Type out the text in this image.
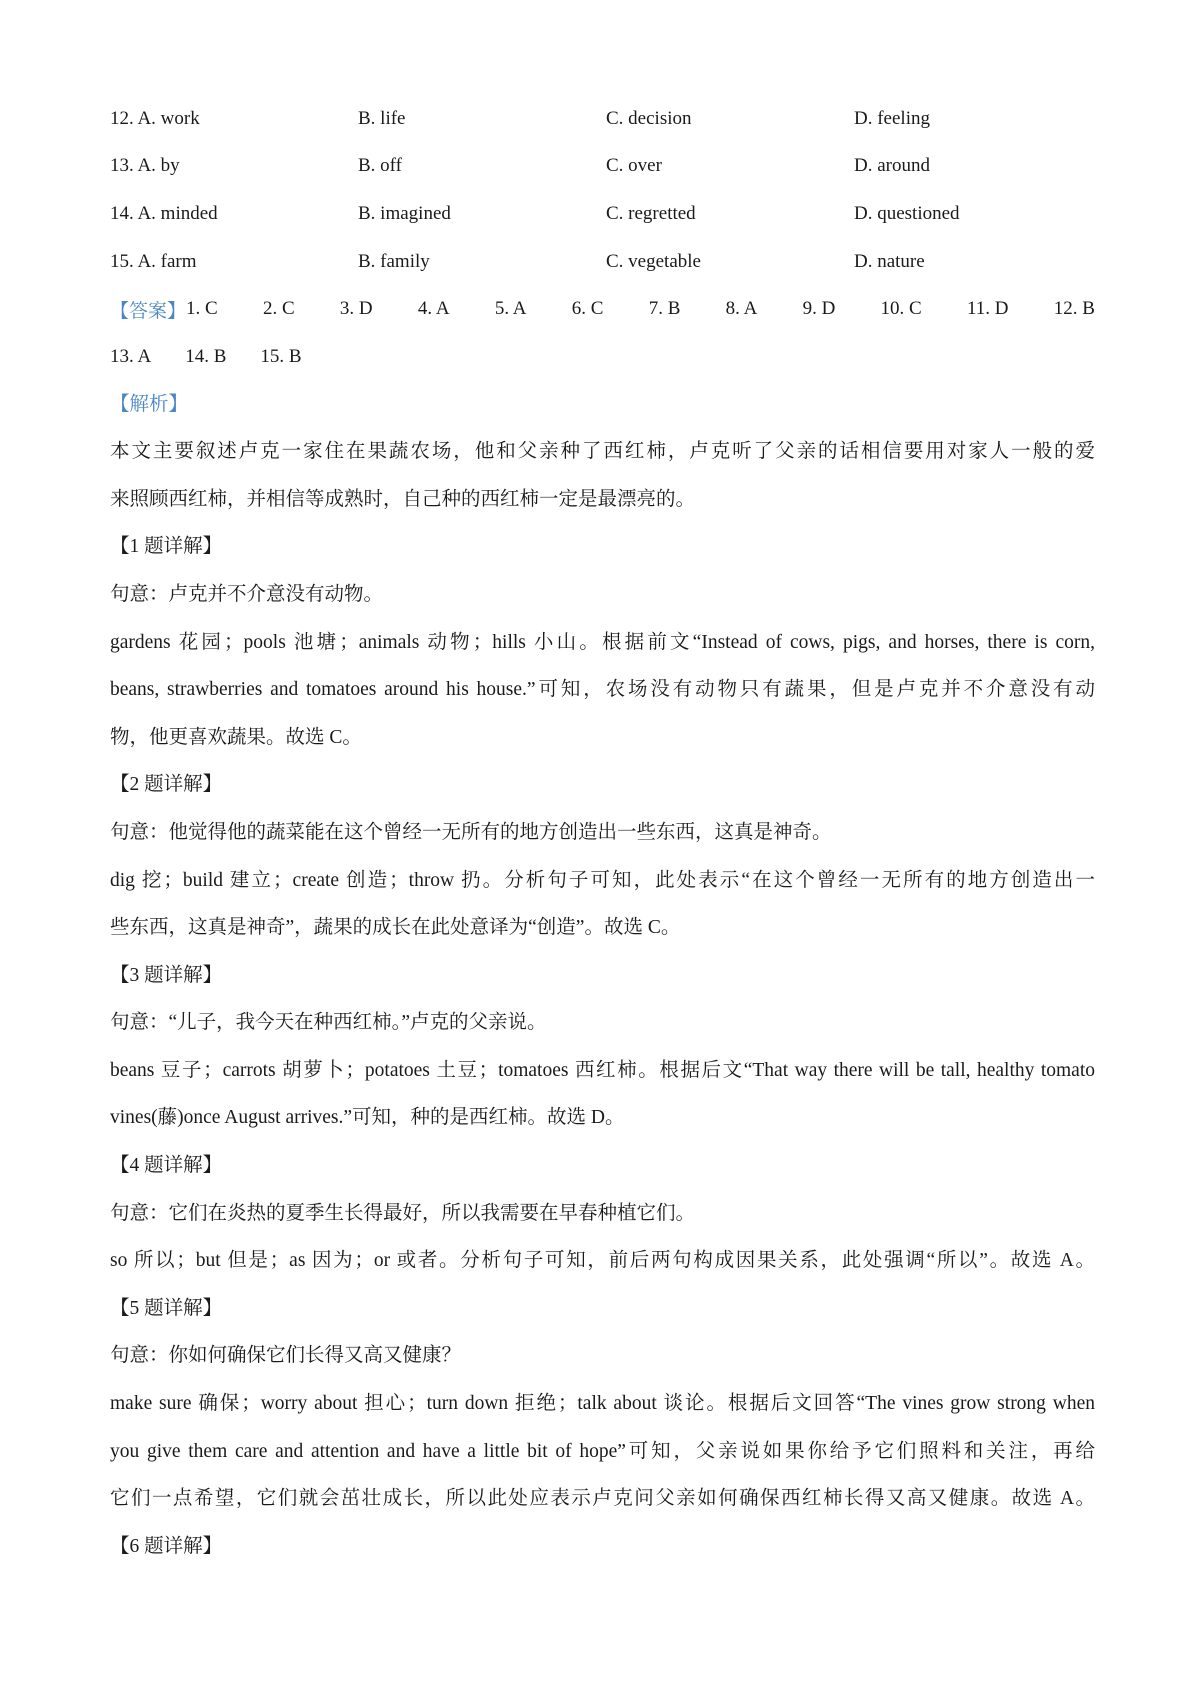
12. A. work	B. life	C. decision	D. feeling
13. A. by	B. off	C. over	D. around
14. A. minded	B. imagined	C. regretted	D. questioned
15. A. farm	B. family	C. vegetable	D. nature
【答案】 1. C 2. C 3. D 4. A 5. A 6. C 7. B 8. A 9. D 10. C 11. D 12. B
13. A 14. B 15. B
【解析】
本文主要叙述卢克一家住在果蔬农场，他和父亲种了西红柿，卢克听了父亲的话相信要用对家人一般的爱
来照顾西红柿，并相信等成熟时，自己种的西红柿一定是最漂亮的。
【1 题详解】
句意：卢克并不介意没有动物。
gardens 花园；pools 池塘；animals 动物；hills 小山。根据前文“Instead of cows, pigs, and horses, there is corn,
beans, strawberries and tomatoes around his house.”可知，农场没有动物只有蔬果，但是卢克并不介意没有动
物，他更喜欢蔬果。故选 C。
【2 题详解】
句意：他觉得他的蔬菜能在这个曾经一无所有的地方创造出一些东西，这真是神奇。
dig 挖；build 建立；create 创造；throw 扔。分析句子可知，此处表示“在这个曾经一无所有的地方创造出一
些东西，这真是神奇”，蔬果的成长在此处意译为“创造”。故选 C。
【3 题详解】
句意：“儿子，我今天在种西红柿。”卢克的父亲说。
beans 豆子；carrots 胡萝卜；potatoes 土豆；tomatoes 西红柿。根据后文“That way there will be tall, healthy tomato
vines(藤)once August arrives.”可知，种的是西红柿。故选 D。
【4 题详解】
句意：它们在炎热的夏季生长得最好，所以我需要在早春种植它们。
so 所以；but 但是；as 因为；or 或者。分析句子可知，前后两句构成因果关系，此处强调“所以”。故选 A。
【5 题详解】
句意：你如何确保它们长得又高又健康？
make sure 确保；worry about 担心；turn down 拒绝；talk about 谈论。根据后文回答“The vines grow strong when
you give them care and attention and have a little bit of hope”可知，父亲说如果你给予它们照料和关注，再给
它们一点希望，它们就会茁壮成长，所以此处应表示卢克问父亲如何确保西红柿长得又高又健康。故选 A。
【6 题详解】
